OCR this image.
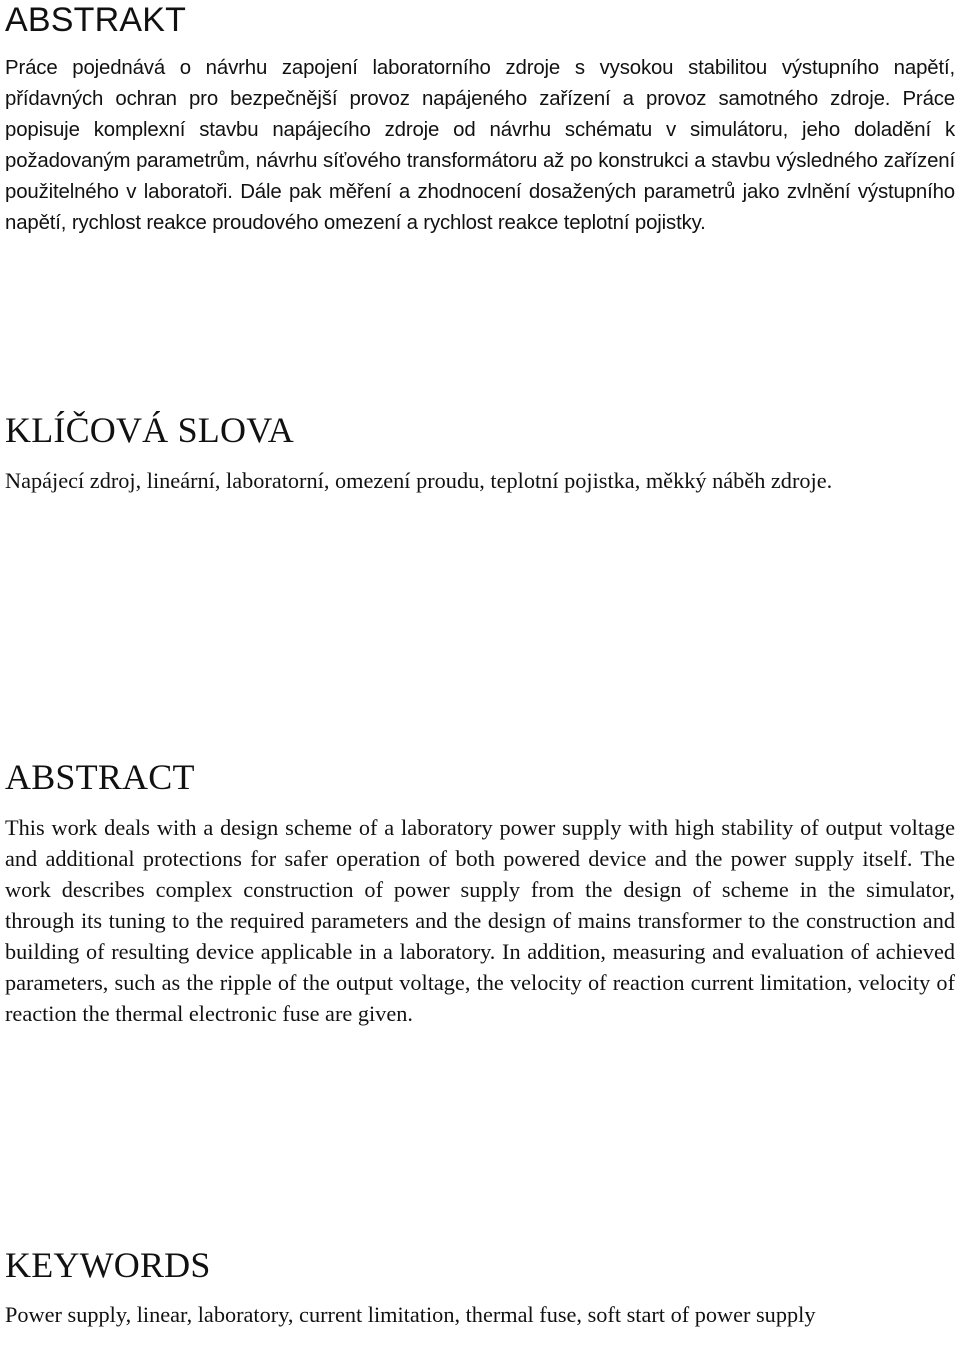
ABSTRAKT

Práce pojednává o návrhu zapojení laboratorního zdroje s vysokou stabilitou výstupního napětí, přídavných ochran pro bezpečnější provoz napájeného zařízení a provoz samotného zdroje. Práce popisuje komplexní stavbu napájecího zdroje od návrhu schématu v simulátoru, jeho doladění k požadovaným parametrům, návrhu síťového transformátoru až po konstrukci a stavbu výsledného zařízení použitelného v laboratoři. Dále pak měření a zhodnocení dosažených parametrů jako zvlnění výstupního napětí, rychlost reakce proudového omezení a rychlost reakce teplotní pojistky.

KLÍČOVÁ SLOVA

Napájecí zdroj, lineární, laboratorní, omezení proudu, teplotní pojistka, měkký náběh zdroje.

ABSTRACT

This work deals with a design scheme of a laboratory power supply with high stability of output voltage and additional protections for safer operation of both powered device and the power supply itself. The work describes complex construction of power supply from the design of scheme in the simulator, through its tuning to the required parameters and the design of mains transformer to the construction and building of resulting device applicable in a laboratory. In addition, measuring and evaluation of achieved parameters, such as the ripple of the output voltage, the velocity of reaction current limitation, velocity of reaction the thermal electronic fuse are given.

KEYWORDS

Power supply, linear, laboratory, current limitation, thermal fuse, soft start of power supply
